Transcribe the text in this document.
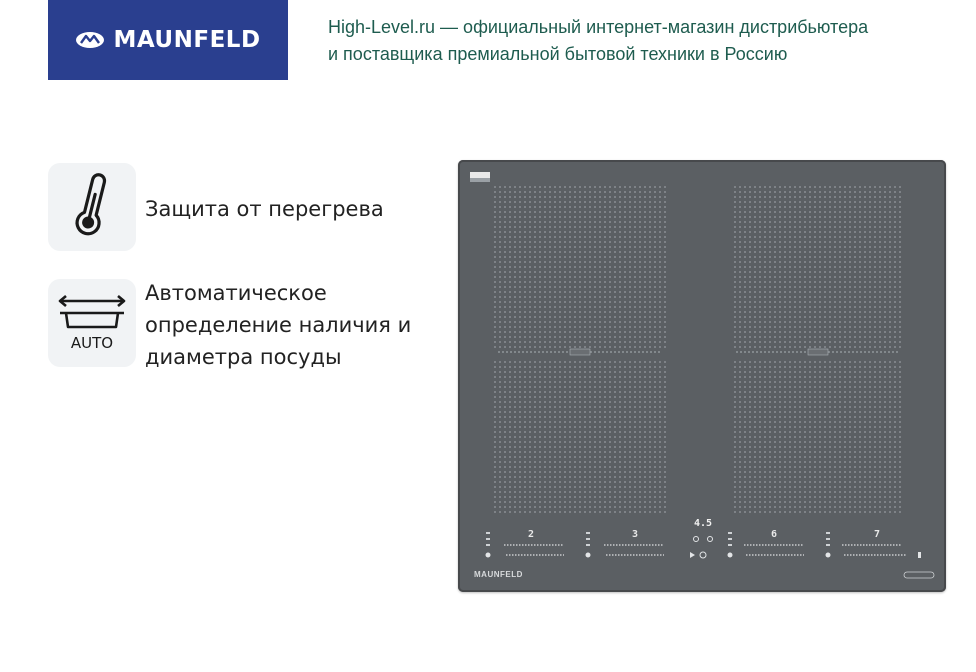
MAUNFELD	High-Level.ru — официальный интернет-магазин дистрибьютера
и поставщика премиальной бытовой техники в Россию
Защита от перегрева
AUTO
Автоматическое
определение наличия и
диаметра посуды
4.5
2	3	6	7
MAUNFELD
